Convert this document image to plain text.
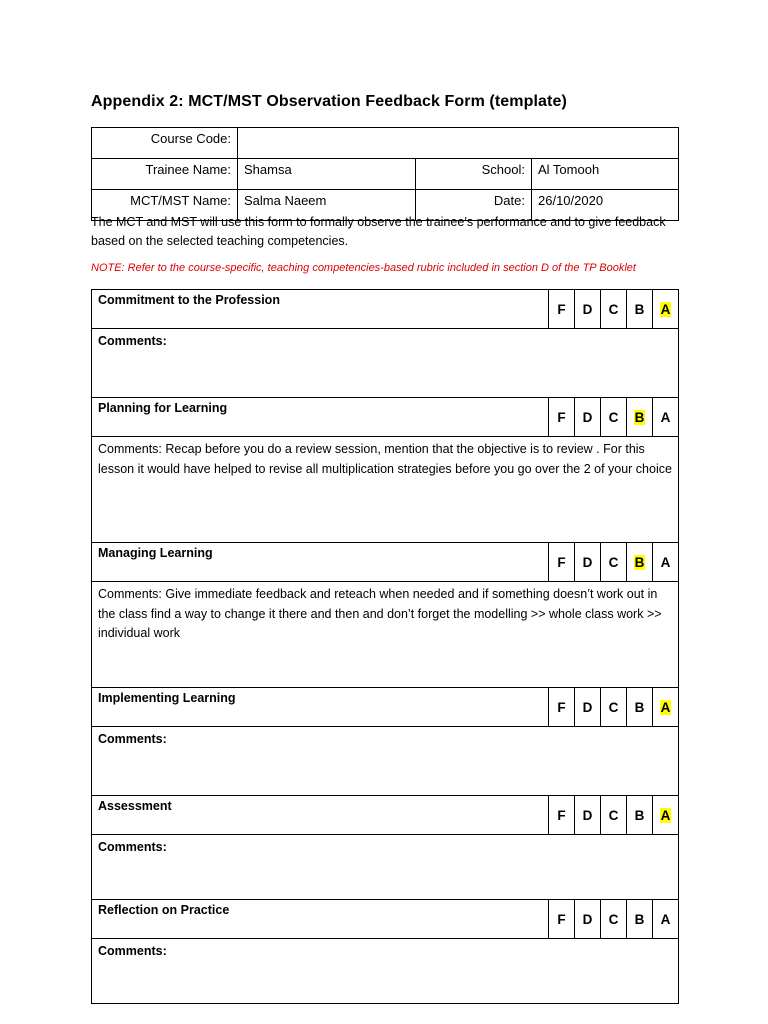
Appendix 2: MCT/MST Observation Feedback Form (template)
Course Code:			
Trainee Name:	Shamsa	School:	Al Tomooh
MCT/MST Name:	Salma Naeem	Date:	26/10/2020
The MCT and MST will use this form to formally observe the trainee’s performance and to give feedback based on the selected teaching competencies.
NOTE: Refer to the course-specific, teaching competencies-based rubric included in section D of the TP Booklet
Commitment to the Profession	F	D	C	B	A
Comments:					
Planning for Learning	F	D	C	B	A
Comments: Recap before you do a review session, mention that the objective is to review . For this lesson it would have helped to revise all multiplication strategies before you go over the 2 of your choice					
Managing Learning	F	D	C	B	A
Comments: Give immediate feedback and reteach when needed and if something doesn’t work out in the class find a way to change it there and then and don’t forget the modelling >> whole class work >> individual work					
Implementing Learning	F	D	C	B	A
Comments:					
Assessment	F	D	C	B	A
Comments:					
Reflection on Practice	F	D	C	B	A
Comments:					
